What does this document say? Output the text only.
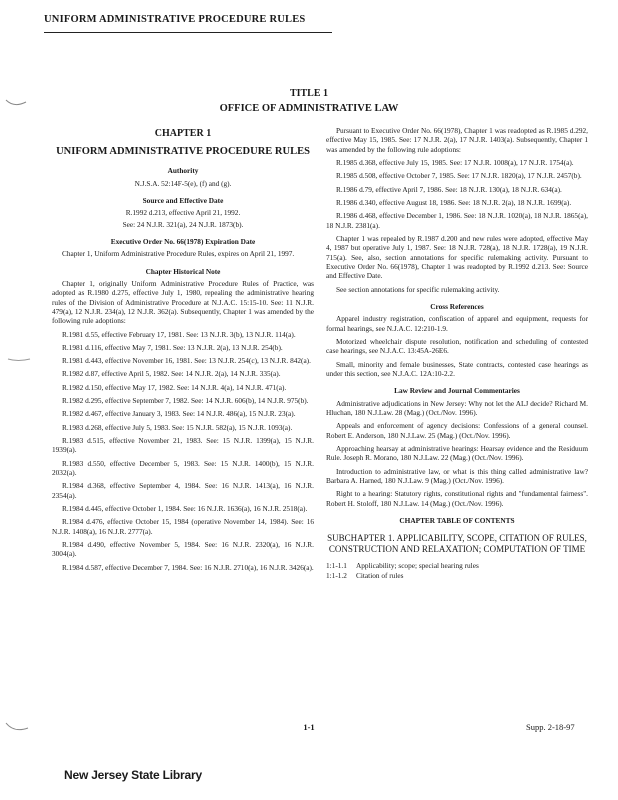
UNIFORM ADMINISTRATIVE PROCEDURE RULES
TITLE 1
OFFICE OF ADMINISTRATIVE LAW
CHAPTER 1
UNIFORM ADMINISTRATIVE PROCEDURE RULES
Authority

N.J.S.A. 52:14F-5(e), (f) and (g).

Source and Effective Date

R.1992 d.213, effective April 21, 1992.

See: 24 N.J.R. 321(a), 24 N.J.R. 1873(b).

Executive Order No. 66(1978) Expiration Date

Chapter 1, Uniform Administrative Procedure Rules, expires on April 21, 1997.

Chapter Historical Note

Chapter 1, originally Uniform Administrative Procedure Rules of Practice, was adopted as R.1980 d.275, effective July 1, 1980, repealing the administrative hearing rules of the Division of Administrative Procedure at N.J.A.C. 15:15-10. See: 11 N.J.R. 479(a), 12 N.J.R. 234(a), 12 N.J.R. 362(a). Subsequently, Chapter 1 was amended by the following rule adoptions:

R.1981 d.55, effective February 17, 1981. See: 13 N.J.R. 3(b), 13 N.J.R. 114(a).

R.1981 d.116, effective May 7, 1981. See: 13 N.J.R. 2(a), 13 N.J.R. 254(b).

R.1981 d.443, effective November 16, 1981. See: 13 N.J.R. 254(c), 13 N.J.R. 842(a).

R.1982 d.87, effective April 5, 1982. See: 14 N.J.R. 2(a), 14 N.J.R. 335(a).

R.1982 d.150, effective May 17, 1982. See: 14 N.J.R. 4(a), 14 N.J.R. 471(a).

R.1982 d.295, effective September 7, 1982. See: 14 N.J.R. 606(b), 14 N.J.R. 975(b).

R.1982 d.467, effective January 3, 1983. See: 14 N.J.R. 486(a), 15 N.J.R. 23(a).

R.1983 d.268, effective July 5, 1983. See: 15 N.J.R. 582(a), 15 N.J.R. 1093(a).

R.1983 d.515, effective November 21, 1983. See: 15 N.J.R. 1399(a), 15 N.J.R. 1939(a).

R.1983 d.550, effective December 5, 1983. See: 15 N.J.R. 1400(b), 15 N.J.R. 2032(a).

R.1984 d.368, effective September 4, 1984. See: 16 N.J.R. 1413(a), 16 N.J.R. 2354(a).

R.1984 d.445, effective October 1, 1984. See: 16 N.J.R. 1636(a), 16 N.J.R. 2518(a).

R.1984 d.476, effective October 15, 1984 (operative November 14, 1984). See: 16 N.J.R. 1408(a), 16 N.J.R. 2777(a).

R.1984 d.490, effective November 5, 1984. See: 16 N.J.R. 2320(a), 16 N.J.R. 3004(a).

R.1984 d.587, effective December 7, 1984. See: 16 N.J.R. 2710(a), 16 N.J.R. 3426(a).

Pursuant to Executive Order No. 66(1978), Chapter 1 was readopted as R.1985 d.292, effective May 15, 1985. See: 17 N.J.R. 2(a), 17 N.J.R. 1403(a). Subsequently, Chapter 1 was amended by the following rule adoptions:

R.1985 d.368, effective July 15, 1985. See: 17 N.J.R. 1008(a), 17 N.J.R. 1754(a).

R.1985 d.508, effective October 7, 1985. See: 17 N.J.R. 1820(a), 17 N.J.R. 2457(b).

R.1986 d.79, effective April 7, 1986. See: 18 N.J.R. 130(a), 18 N.J.R. 634(a).

R.1986 d.340, effective August 18, 1986. See: 18 N.J.R. 2(a), 18 N.J.R. 1699(a).

R.1986 d.468, effective December 1, 1986. See: 18 N.J.R. 1020(a), 18 N.J.R. 1865(a), 18 N.J.R. 2381(a).

Chapter 1 was repealed by R.1987 d.200 and new rules were adopted, effective May 4, 1987 but operative July 1, 1987. See: 18 N.J.R. 728(a), 18 N.J.R. 1728(a), 19 N.J.R. 715(a). See, also, section annotations for specific rulemaking activity. Pursuant to Executive Order No. 66(1978), Chapter 1 was readopted by R.1992 d.213. See: Source and Effective Date.

See section annotations for specific rulemaking activity.

Cross References

Apparel industry registration, confiscation of apparel and equipment, requests for formal hearings, see N.J.A.C. 12:210-1.9.

Motorized wheelchair dispute resolution, notification and scheduling of contested case hearings, see N.J.A.C. 13:45A-26E6.

Small, minority and female businesses, State contracts, contested case hearings as under this section, see N.J.A.C. 12A:10-2.2.

Law Review and Journal Commentaries

Administrative adjudications in New Jersey: Why not let the ALJ decide? Richard M. Hluchan, 180 N.J.Law. 28 (Mag.) (Oct./Nov. 1996).

Appeals and enforcement of agency decisions: Confessions of a general counsel. Robert E. Anderson, 180 N.J.Law. 25 (Mag.) (Oct./Nov. 1996).

Approaching hearsay at administrative hearings: Hearsay evidence and the Residuum Rule. Joseph R. Morano, 180 N.J.Law. 22 (Mag.) (Oct./Nov. 1996).

Introduction to administrative law, or what is this thing called administrative law? Barbara A. Harned, 180 N.J.Law. 9 (Mag.) (Oct./Nov. 1996).

Right to a hearing: Statutory rights, constitutional rights and "fundamental fairness". Robert H. Stoloff, 180 N.J.Law. 14 (Mag.) (Oct./Nov. 1996).

CHAPTER TABLE OF CONTENTS
SUBCHAPTER 1. APPLICABILITY, SCOPE, CITATION OF RULES, CONSTRUCTION AND RELAXATION; COMPUTATION OF TIME
1:1-1.1	Applicability; scope; special hearing rules
1:1-1.2	Citation of rules
1-1	Supp. 2-18-97
New Jersey State Library
